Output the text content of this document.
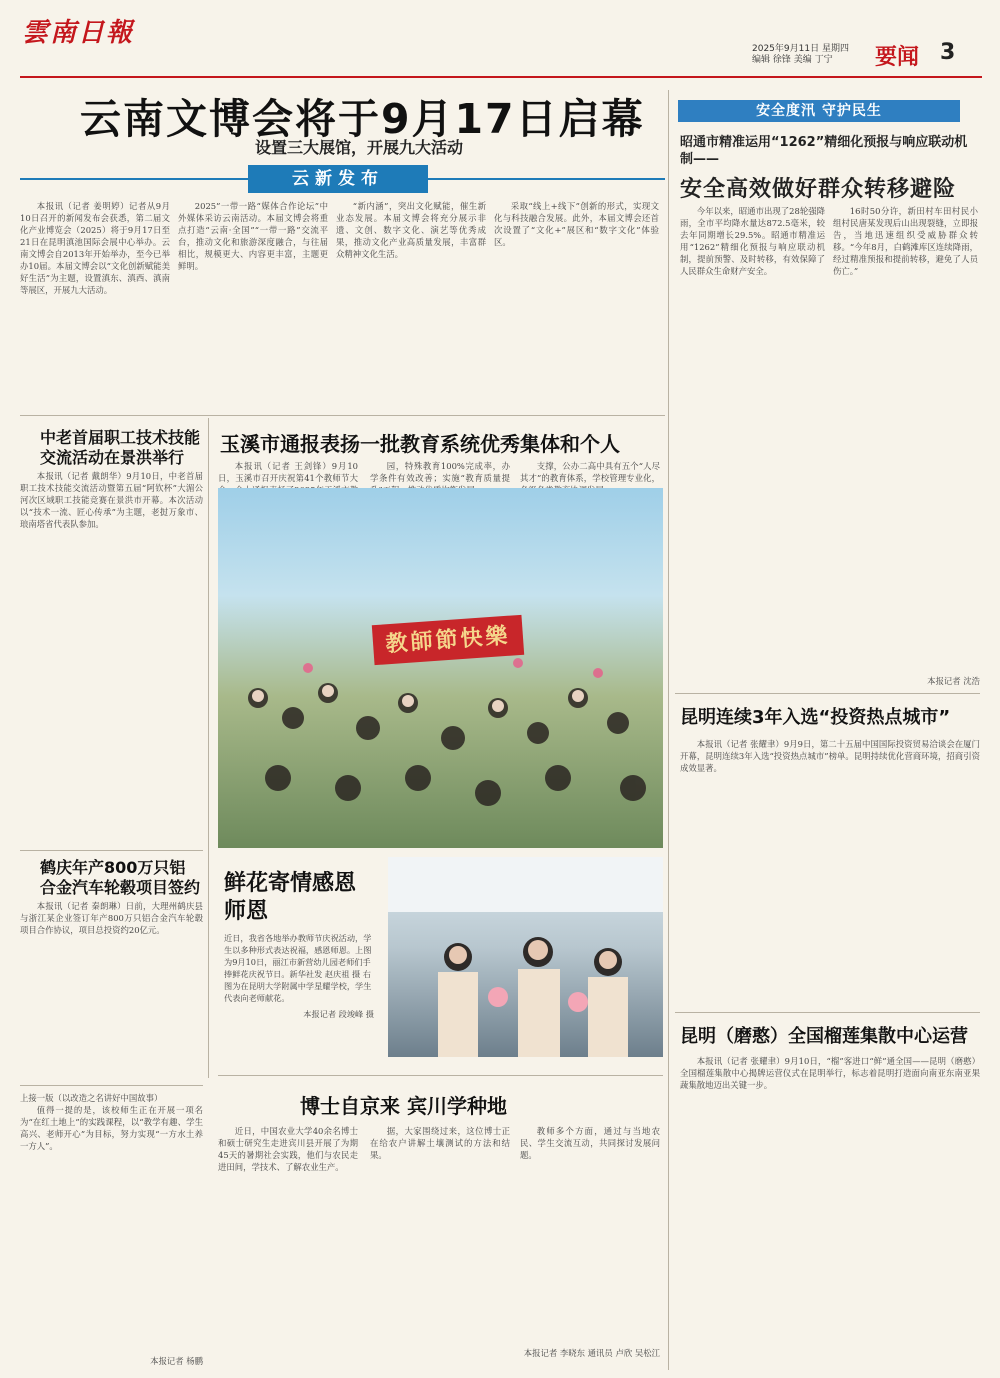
雲南日報
2025年9月11日 星期四
编辑 徐锋 美编 丁宁	要闻 3
云南文博会将于9月17日启幕
设置三大展馆，开展九大活动
云新发布

本报讯（记者 姜明婷）记者从9月10日召开的新闻发布会获悉，第二届文化产业博览会（2025）将于9月17日至21日在昆明滇池国际会展中心举办。云南文博会自2013年开始举办，至今已举办10届。本届文博会以“文化创新赋能美好生活”为主题，设置滇东、滇西、滇南等展区，开展九大活动。

2025”一带一路“媒体合作论坛”中外媒体采访云南活动。本届文博会将重点打造“云南·全国”“一带一路”交流平台，推动文化和旅游深度融合，与往届相比，规模更大、内容更丰富，主题更鲜明。

“新内涵”，突出文化赋能，催生新业态发展。本届文博会将充分展示非遗、文创、数字文化、演艺等优秀成果，推动文化产业高质量发展，丰富群众精神文化生活。

采取“线上+线下”创新的形式，实现文化与科技融合发展。此外，本届文博会还首次设置了“文化+”展区和“数字文化”体验区。

安全度汛 守护民生
昭通市精准运用“1262”精细化预报与响应联动机制——
安全高效做好群众转移避险

今年以来，昭通市出现了28轮强降雨，全市平均降水量达872.5毫米，较去年同期增长29.5%。昭通市精准运用“1262”精细化预报与响应联动机制，提前预警、及时转移，有效保障了人民群众生命财产安全。

16时50分许，新田村车田村民小组村民唐某发现后山出现裂缝，立即报告，当地迅速组织受威胁群众转移。“今年8月，白鹤滩库区连续降雨，经过精准预报和提前转移，避免了人员伤亡。”

本报记者 沈浩
中老首届职工技术技能交流活动在景洪举行

本报讯（记者 戴朗华）9月10日，中老首届职工技术技能交流活动暨第五届“阿钦杯”大湄公河次区域职工技能竞赛在景洪市开幕。本次活动以“技术一流、匠心传承”为主题，老挝万象市、琅南塔省代表队参加。

鹤庆年产800万只铝合金汽车轮毂项目签约

本报讯（记者 秦朗琳）日前，大理州鹤庆县与浙江某企业签订年产800万只铝合金汽车轮毂项目合作协议，项目总投资约20亿元。

上接一版（以改造之名讲好中国故事）

值得一提的是，该校师生正在开展一项名为“在红土地上”的实践课程，以“教学有趣、学生高兴、老师开心”为目标，努力实现“一方水土养一方人”。

本报记者 杨鹏
玉溪市通报表扬一批教育系统优秀集体和个人

本报讯（记者 王剑锋）9月10日，玉溪市召开庆祝第41个教师节大

园，特殊教育100%完成率，办学条件有效改善；实施“教育质量提

支撑，公办二高中具有五个“人尽其才”的教育体系，学校管理专业化，

教師節快樂
鲜花寄情感恩师恩
近日，我省各地举办教师节庆祝活动，学生以多种形式表达祝福，感恩师恩。上图为9月10日，丽江市新营幼儿园老师们手捧鲜花庆祝节日。新华社发 赵庆祖 摄 右图为在昆明大学附属中学星耀学校，学生代表向老师献花。
本报记者 段竣峰 摄
博士自京来 宾川学种地

近日，中国农业大学40余名博士和硕士研究生走进宾川县开展了为期45天的暑期社会实践，他们与农民走进田间，学技术、了解农业生产。

据，大家围绕过来，这位博士正在给农户讲解土壤测试的方法和结果。

教师多个方面，通过与当地农民、学生交流互动，共同探讨发展问题。

本报记者 李晓东 通讯员 卢欣 吴松江
昆明连续3年入选“投资热点城市”

本报讯（记者 张耀聿）9月9日，第二十五届中国国际投资贸易洽谈会在厦门开幕，昆明连续3年入选“投资热点城市”榜单。昆明持续优化营商环境，招商引资成效显著。

昆明（磨憨）全国榴莲集散中心运营

本报讯（记者 张耀聿）9月10日，“榴”客进口“鲜”通全国——昆明（磨憨）全国榴莲集散中心揭牌运营仪式在昆明举行，标志着昆明打造面向南亚东南亚果蔬集散地迈出关键一步。
